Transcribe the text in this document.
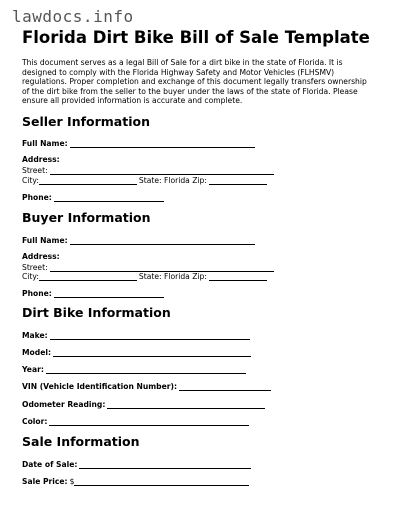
lawdocs.info
Florida Dirt Bike Bill of Sale Template

This document serves as a legal Bill of Sale for a dirt bike in the state of Florida. It is designed to comply with the Florida Highway Safety and Motor Vehicles (FLHSMV) regulations. Proper completion and exchange of this document legally transfers ownership of the dirt bike from the seller to the buyer under the laws of the state of Florida. Please ensure all provided information is accurate and complete.

Seller Information
Full Name:
Address:
Street:
City:	State: Florida Zip:
Phone:
Buyer Information
Full Name:
Address:
Street:
City:	State: Florida Zip:
Phone:
Dirt Bike Information
Make:
Model:
Year:
VIN (Vehicle Identification Number):
Odometer Reading:
Color:
Sale Information
Date of Sale:
Sale Price: $
